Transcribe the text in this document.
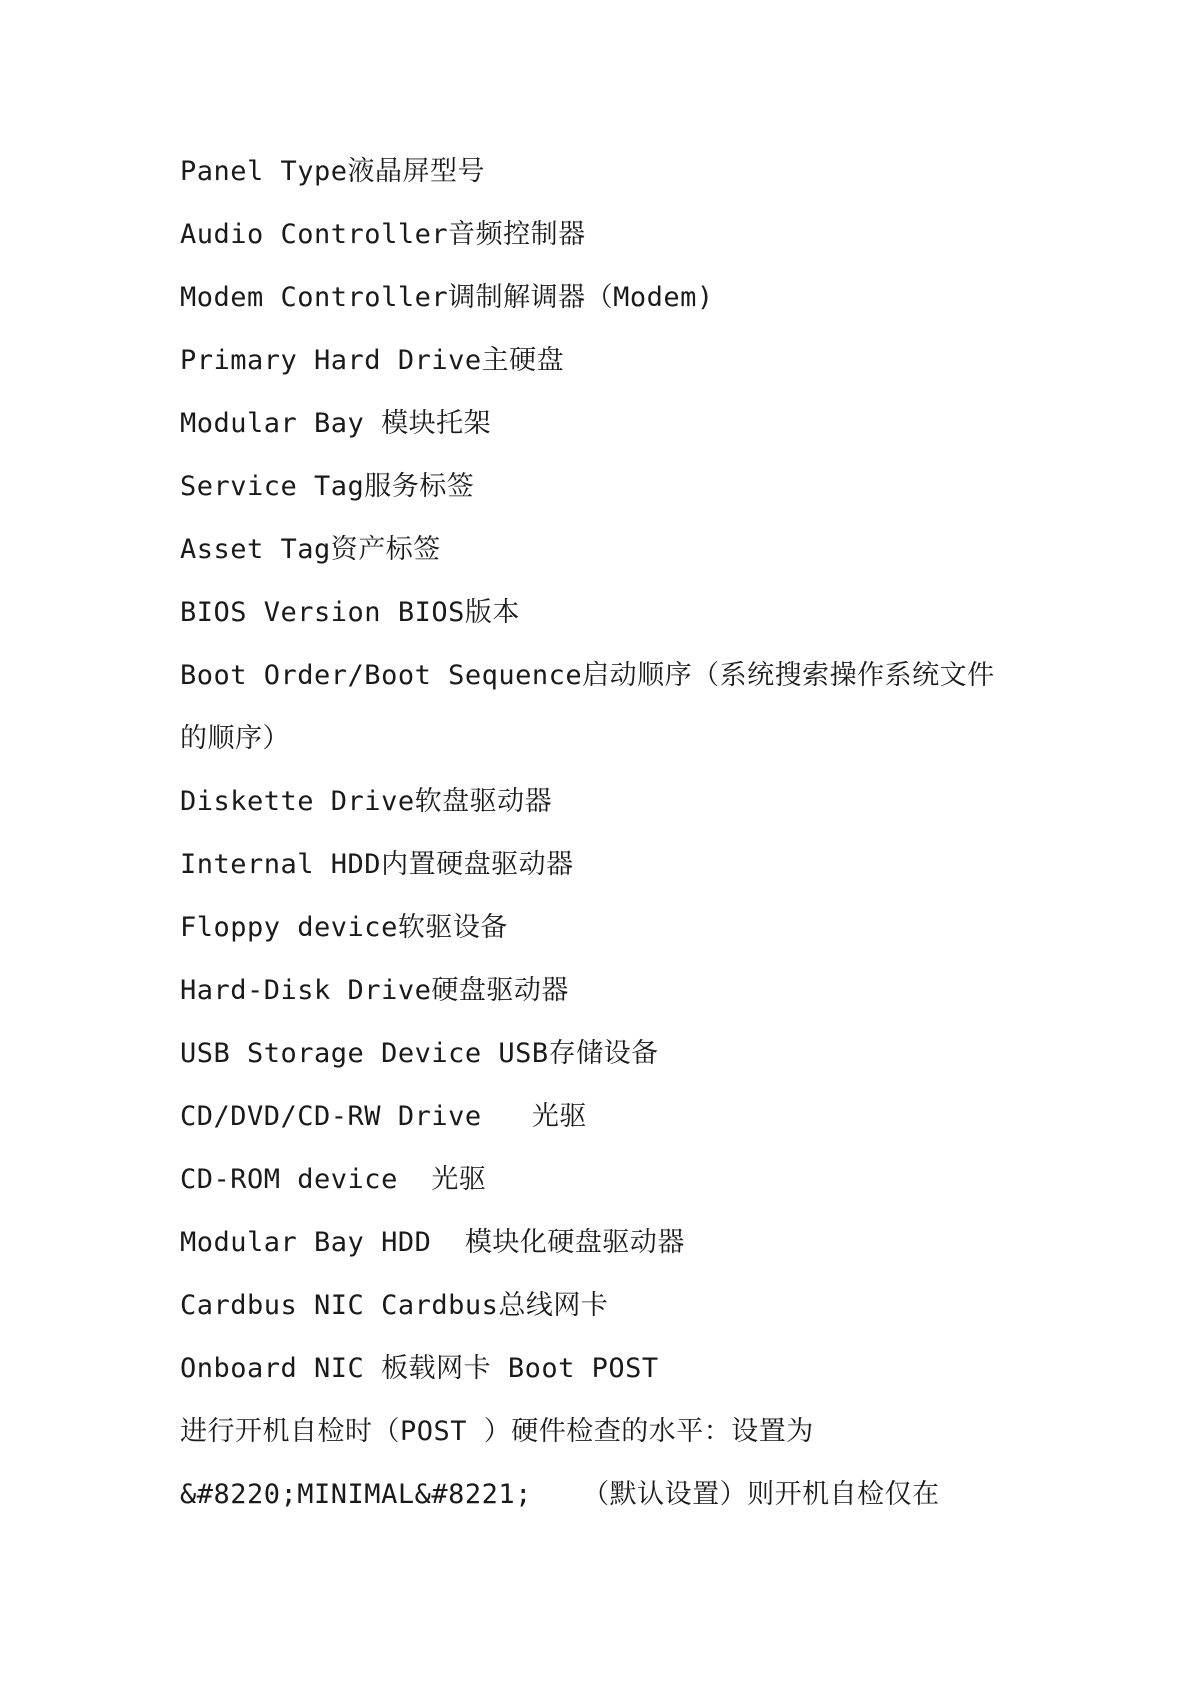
Panel Type液晶屏型号
Audio Controller音频控制器
Modem Controller调制解调器（Modem)
Primary Hard Drive主硬盘
Modular Bay 模块托架
Service Tag服务标签
Asset Tag资产标签
BIOS Version BIOS版本
Boot Order/Boot Sequence启动顺序（系统搜索操作系统文件
的顺序）
Diskette Drive软盘驱动器
Internal HDD内置硬盘驱动器
Floppy device软驱设备
Hard-Disk Drive硬盘驱动器
USB Storage Device USB存储设备
CD/DVD/CD-RW Drive   光驱
CD-ROM device  光驱
Modular Bay HDD  模块化硬盘驱动器
Cardbus NIC Cardbus总线网卡
Onboard NIC 板载网卡 Boot POST
进行开机自检时（POST ）硬件检查的水平：设置为
&#8220;MINIMAL&#8221;   （默认设置）则开机自检仅在
